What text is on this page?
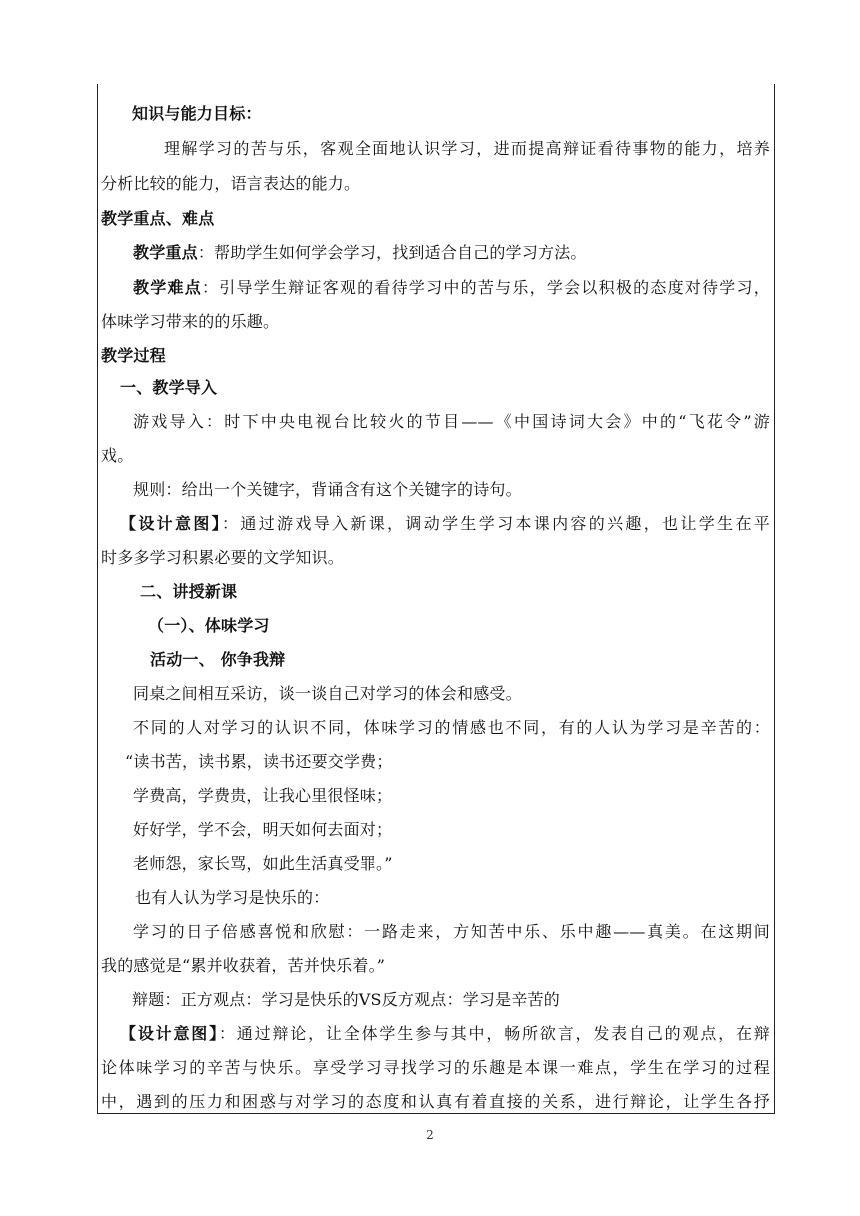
知识与能力目标：
理解学习的苦与乐，客观全面地认识学习，进而提高辩证看待事物的能力，培养
分析比较的能力，语言表达的能力。
教学重点、难点
教学重点：帮助学生如何学会学习，找到适合自己的学习方法。
教学难点：引导学生辩证客观的看待学习中的苦与乐，学会以积极的态度对待学习，
体味学习带来的的乐趣。
教学过程
一、教学导入
游戏导入：时下中央电视台比较火的节目——《中国诗词大会》中的“飞花令”游
戏。
规则：给出一个关键字，背诵含有这个关键字的诗句。
【设计意图】：通过游戏导入新课，调动学生学习本课内容的兴趣，也让学生在平
时多多学习积累必要的文学知识。
二、讲授新课
（一）、体味学习
活动一、 你争我辩
同桌之间相互采访，谈一谈自己对学习的体会和感受。
不同的人对学习的认识不同，体味学习的情感也不同，有的人认为学习是辛苦的：
“读书苦，读书累，读书还要交学费；
学费高，学费贵，让我心里很怪味；
好好学，学不会，明天如何去面对；
老师怨，家长骂，如此生活真受罪。”
也有人认为学习是快乐的：
学习的日子倍感喜悦和欣慰：一路走来，方知苦中乐、乐中趣——真美。在这期间
我的感觉是“累并收获着，苦并快乐着。”
辩题：正方观点：学习是快乐的VS反方观点：学习是辛苦的
【设计意图】：通过辩论，让全体学生参与其中，畅所欲言，发表自己的观点，在辩
论体味学习的辛苦与快乐。享受学习寻找学习的乐趣是本课一难点，学生在学习的过程
中，遇到的压力和困惑与对学习的态度和认真有着直接的关系，进行辩论，让学生各抒
2
